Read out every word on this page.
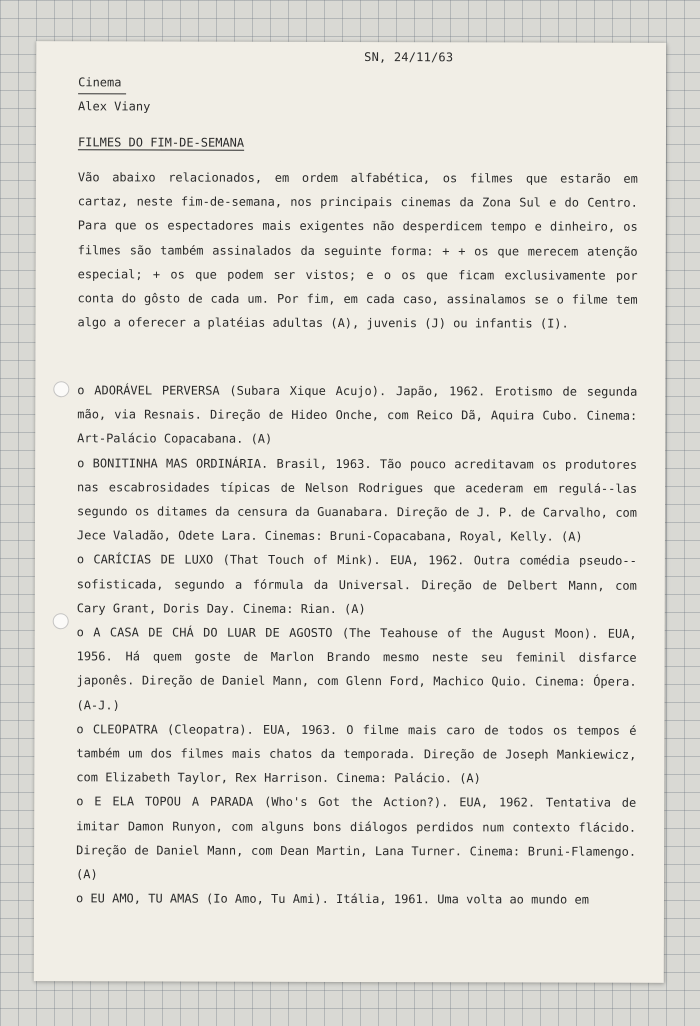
SN, 24/11/63
Cinema
Alex Viany
FILMES DO FIM-DE-SEMANA

Vão abaixo relacionados, em ordem alfabética, os filmes que estarão em cartaz, neste fim-de-semana, nos principais cinemas da Zona Sul e do Centro. Para que os espectadores mais exigentes não desperdicem tempo e dinheiro, os filmes são também assinalados da seguinte forma: + + os que merecem atenção especial; + os que podem ser vistos; e o os que ficam exclusivamente por conta do gôsto de cada um. Por fim, em cada caso, assinalamos se o filme tem algo a oferecer a platéias adultas (A), juvenis (J) ou infantis (I).

o ADORÁVEL PERVERSA (Subara Xique Acujo). Japão, 1962. Erotismo de segunda mão, via Resnais. Direção de Hideo Onche, com Reico Dã, Aquira Cubo. Cinema: Art-Palácio Copacabana. (A)

o BONITINHA MAS ORDINÁRIA. Brasil, 1963. Tão pouco acreditavam os produtores nas escabrosidades típicas de Nelson Rodrigues que acederam em regulá--las segundo os ditames da censura da Guanabara. Direção de J. P. de Carvalho, com Jece Valadão, Odete Lara. Cinemas: Bruni-Copacabana, Royal, Kelly. (A)

o CARÍCIAS DE LUXO (That Touch of Mink). EUA, 1962. Outra comédia pseudo--sofisticada, segundo a fórmula da Universal. Direção de Delbert Mann, com Cary Grant, Doris Day. Cinema: Rian. (A)

o A CASA DE CHÁ DO LUAR DE AGOSTO (The Teahouse of the August Moon). EUA, 1956. Há quem goste de Marlon Brando mesmo neste seu feminil disfarce japonês. Direção de Daniel Mann, com Glenn Ford, Machico Quio. Cinema: Ópera. (A-J.)

o CLEOPATRA (Cleopatra). EUA, 1963. O filme mais caro de todos os tempos é também um dos filmes mais chatos da temporada. Direção de Joseph Mankiewicz, com Elizabeth Taylor, Rex Harrison. Cinema: Palácio. (A)

o E ELA TOPOU A PARADA (Who's Got the Action?). EUA, 1962. Tentativa de imitar Damon Runyon, com alguns bons diálogos perdidos num contexto flácido. Direção de Daniel Mann, com Dean Martin, Lana Turner. Cinema: Bruni-Flamengo. (A)

o EU AMO, TU AMAS (Io Amo, Tu Ami). Itália, 1961. Uma volta ao mundo em
